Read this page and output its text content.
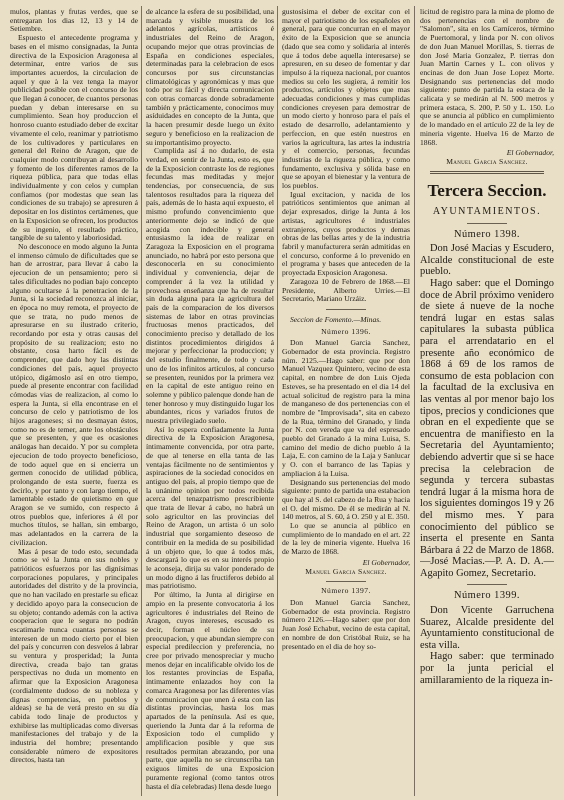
mulos, plantas y frutas verdes, que se entregaran los dias 12, 13 y 14 de Setiembre.

Espuesto el antecedente programa y bases en el mismo consignadas, la Junta directiva de la Exposicion Aragonesa al determinar, entre varios de sus importantes acuerdos, la circulacion de aquel y que à la vez tenga la mayor publicidad posible con el concurso de los que llegan á conocer, de cuantos personas puedan y deban interesarse en su cumplimiento. Sean hoy produccion el honroso cuanto estudiado deber de excitar vivamente el celo, reanimar y patriotismo de los cultivadores y particulares en general del Reino de Aragon, que de cualquier modo contribuyan al desarrollo y fomento de los diferentes ramos de la riqueza pública, para que todas ellas individualmente y con celos y cumplan confiamos (por modestas que sean las condiciones de su trabajo) se apresuren á depositar en los distintos certámenes, que en la Exposicion se ofrecen, los productos de su ingenio, el resultado práctico, tangible de su talento y laboriosidad.

No desconoce en modo alguno la Junta el inmenso cúmulo de dificultades que se han de arrostrar, para llevar á cabo la ejecucion de un pensamiento; pero si tales dificultades no podian bajo concepto alguno ocultarse á la penetracion de la Junta, si la sociedad reconozca al iniciar, en época no muy remota, el proyecto de que se trata, no pudo menos de apresurarse en su ilustrado criterio, recordando por esta y otras causas del propósito de su realizacion; esto no obstante, cosa harto fácil es de comprender, que dado hoy las distintas condiciones del país, aquel proyecto utópico, digámoslo así en otro tiempo, puede al presente encontrar con facilidad cómodas vias de realizacion, al como lo espera la Junta, si ella encontrase en el concurso de celo y patriotismo de los hijos aragoneses; si no desmayan éstos, como no es de temer, ante los obstáculos que se presenten, y que es ocasiones análogas han decaido. Y por su completa ejecucion de todo proyecto beneficioso, de todo aquel que en si encierra un germen conocido de utilidad pública, prolongando de esta suerte, fuerza es decirlo, y por tanto y con largo tiempo, el lamentable estado de quietismo en que Aragon se ve sumido, con respecto á otros pueblos que, inferiores á él por muchos títulos, se hallan, sin embargo, mas adelantados en la carrera de la civilizacion.

Mas á pesar de todo esto, secundada como se vé la Junta en sus nobles y patrióticos esfuerzos por las dignísimas corporaciones populares, y principales autoridades del distrito y de la provincia, que no han vacilado en prestarle su eficaz y decidido apoyo para la consecucion de su objeto; contando además con la activa cooperacion que le segura no podrán escatimarle nunca cuantas personas se interesen de un modo cierto por el bien del país y concurren con desvelos á labrar su ventura y prosperidad; la Junta directiva, creada bajo tan gratas perspectivas no duda un momento en afirmar que la Exposicion Aragonesa (cordialmente dudoso de su nobleza y dignas competencias, en pueblos y aldeas) se ha de verá presto en su día cabida todo linaje de productos y exhibirse las multiplicadas como diversas manifestaciones del trabajo y de la industria del hombre; presentando considerable número de expositores directos, hasta tan

de alcance la esfera de su posibilidad, una marcada y visible muestra de los adelantos agrícolas, artísticos é industriales del Reino de Aragon, ocupando mejor que otras provincias de España en condiciones especiales, determinadas para la celebracion de esos concursos por sus circunstancias climatológicas y agronómicas y mas que todo por su fácil y directa comunicacion con otras comarcas donde sobradamente también y prácticamente, conocimos muy asíduidades en concepto de la Junta, que la hacen presumir desde luego un éxito seguro y beneficioso en la realizacion de su importantísimo proyecto.

Cumplida así á no dudarlo, de esta verdad, en sentir de la Junta, esto es, que de la Exposicion contraste los de regiones fecundas mas meditadas y mejor tendencias, por consecuencia, de sus talentosos resultados para la riqueza del país, además de lo hasta aquí expuesto, el mismo profundo convencimiento que anteriormente dejo se indicó de que acogida con indecible y general entusiasmo la idea de realizar en Zaragoza la Exposicion en el programa anunciado, no habrá por esto persona que desconocerla en su conocimiento individual y conveniencia, dejar de comprender á la vez la utilidad y provechosa enseñanza que ha de resultar sin duda alguna para la agricultura del país de la comparacion de los diversos sistemas de labor en otras provincias fructuosas menos practicados, del conocimiento preciso y detallado de los distintos procedimientos dirigidos á mejorar y perfeccionar la produccion; y del estudio finalmente, de todo y cada uno de los infinitos artículos, al concurso se presenten, reunidos por la primera vez en la capital de este antiguo reino en solemne y público palenque donde han de tener honroso y muy distinguido lugar los abundantes, ricos y variados frutos de nuestra privilegiado suelo.

Así lo espera confiadamente la Junta directiva de la Exposicion Aragonesa, íntimamente convencida, por otra parte, de que al tenerse en ella tanta de las ventajas fácilmente no de sentimientos y aspiraciones de la sociedad conocidos en antiguo del país, al propio tiempo que de la unánime opinion por todos recibida acerca del tenazpatrismo prescribiente que trata de llevar á cabo, no habrá un solo agricultor en las provincias del Reino de Aragon, un artista ó un solo industrial que sorgamiento deseoso de contribuir en la medida de su posibilidad á un objeto que, lo que á todos más, descargará lo que es en su interés propio le aconseja, dirija su valor ponderado de un modo digno á las fructiferos debido al mas patriotismo.

Por último, la Junta al dirigirse en ampio en la presente convocatoria á los agricultores é industriales del Reino de Aragon, cuyos intereses, escusado es decir, forman el núcleo de su preocupacion, y que abundan siempre con especial predileccion y preferencia, no cree por privado menospreciar y mucho menos dejar en incalificable olvido los de los restantes provincias de España, íntimamente enlazados hoy con la comarca Aragonesa por las diferentes vías de comunicacion que unen á esta con las distintas provincias, hasta los mas apartados de la península. Así es que, queriendo la Junta dar á la reforma de Exposicion todo el cumplido y amplificacion posible y que sus resultados permitan abrazando, por una parte, que aquella no se circunscriba tan exiguos limites de una Exposicion puramente regional (como tantos otros hasta el día celebradas) llena desde luego

gustosísima el deber de excitar con el mayor el patriotismo de los españoles en general, para que concurran en el mayor éxito de la Exposicion que se anuncia (dado que sea como y solidaria al interés que á todos debe aquella interesarse) se apresuren, en su deseo de fomentar y dar impulso á la riqueza nacional, por cuantos medios su celo les sugiera, á remitir los productos, artículos y objetos que mas adecuadas condiciones y mas cumplidas condiciones creyesen para demostrar de un modo cierto y honroso para el país el estado de desarrollo, adelantamiento y perfeccion, en que estén nuestros en varios la agricultura, las artes la industria y el comercio, personas, fecundas industrias de la riqueza pública, y como fundamento, exclusiva y sólida base en que se apoyan el bienestar y la ventura de los pueblos.

Igual excitacion, y nacida de los patrióticos sentimientos que animan al dejar expresados, dirige la Junta á los artistas, agricultores é industriales extranjeros, cuyos productos y demas obras de las bellas artes y de la industria fabril y manufacturera serán admitidas en el concurso, conforme á lo prevenido en el programa y bases que anteceden de la proyectada Exposicion Aragonesa.

Zaragoza 10 de Febrero de 1868.—El Presidente, Alberto Urries.—El Secretario, Mariano Urzáiz.

Seccion de Fomento.—Minas.
Número 1396.

Don Manuel Garcia Sanchez, Gobernador de esta provincia. Registro núm. 2125.—Hago saber: que por don Manuel Vazquez Quintero, vecino de esta capital, en nombre de don Luis Ojeda Esteves, se ha presentado en el dia 14 del actual solicitud de registro para la mina de manganeso de dos pertenencias con el nombre de "Improvisada", sita en cabezo de la Rua, término del Granado, y linda por N. con vereda que va del espresado pueblo del Granado á la mina Luisa, S. camino del medio de dicho pueblo á la Laja, E. con camino de la Laja y Sanlucar y O. con el barranco de las Tapias y ampliacion á la Luisa.

Designando sus pertenencias del modo siguiente: punto de partida una estabacion que hay al S. del cabezo de la Rua y hacia el O. del mismo. De él se medirán al N. 140 metros, al S. 60, á O. 250 y al E. 350.

Lo que se anuncia al público en cumplimiento de lo mandado en el art. 22 de la ley de mineria vigente. Huelva 16 de Marzo de 1868.

El Gobernador,
Manuel Garcia Sanchez.
Número 1397.

Don Manuel Garcia Sanchez, Gobernador de esta provincia. Registro número 2126.—Hago saber: que por don Juan José Echabut, vecino de esta capital, en nombre de don Cristóbal Ruiz, se ha presentado en el dia de hoy so-

licitud de registro para la mina de plomo de dos pertenencias con el nombre de "Salomon", sita en los Carníceros, término de Puertomoral, y linda por N. con olivos de don Juan Manuel Morillas, S. tierras de don José Maria Gonzalez, P. tierras don Juan Martin Carnes y L. con olivos y encinas de don Juan Jose Lopez Morte. Designando sus pertenencias del modo siguiente: punto de partida la estaca de la calicata y se medirán al N. 500 metros y primera estaca, S. 200, P. 50 y L. 150. Lo que se anuncia al público en cumplimiento de lo mandado en el artículo 22 de la ley de mineria vigente. Huelva 16 de Marzo de 1868.

El Gobernador,
Manuel Garcia Sanchez.
Tercera Seccion.
AYUNTAMIENTOS.
Número 1398.

Don José Macias y Escudero, Alcalde constitucional de este pueblo.

Hago saber: que el Domingo doce de Abril próximo venidero de siete á nueve de la noche tendrá lugar en estas salas capitulares la subasta pública para el arrendatario en el presente año económico de 1868 á 69 de los ramos de consumo de esta poblacion con la facultad de la exclusiva en las ventas al por menor bajo los tipos, precios y condiciones que obran en el expediente que se encuentra de manifiesto en la Secretaria del Ayuntamiento; debiendo advertir que si se hace precisa la celebracion de segunda y tercera subastas tendrá lugar á la misma hora de los siguientes domingos 19 y 26 del mismo mes. Y para conocimiento del público se inserta el presente en Santa Bárbara á 22 de Marzo de 1868.—José Macias.—P. A. D. A.—Agapito Gomez, Secretario.

Número 1399.

Don Vicente Garruchena Suarez, Alcalde presidente del Ayuntamiento constitucional de esta villa.

Hago saber: que terminado por la junta pericial el amillaramiento de la riqueza in-
